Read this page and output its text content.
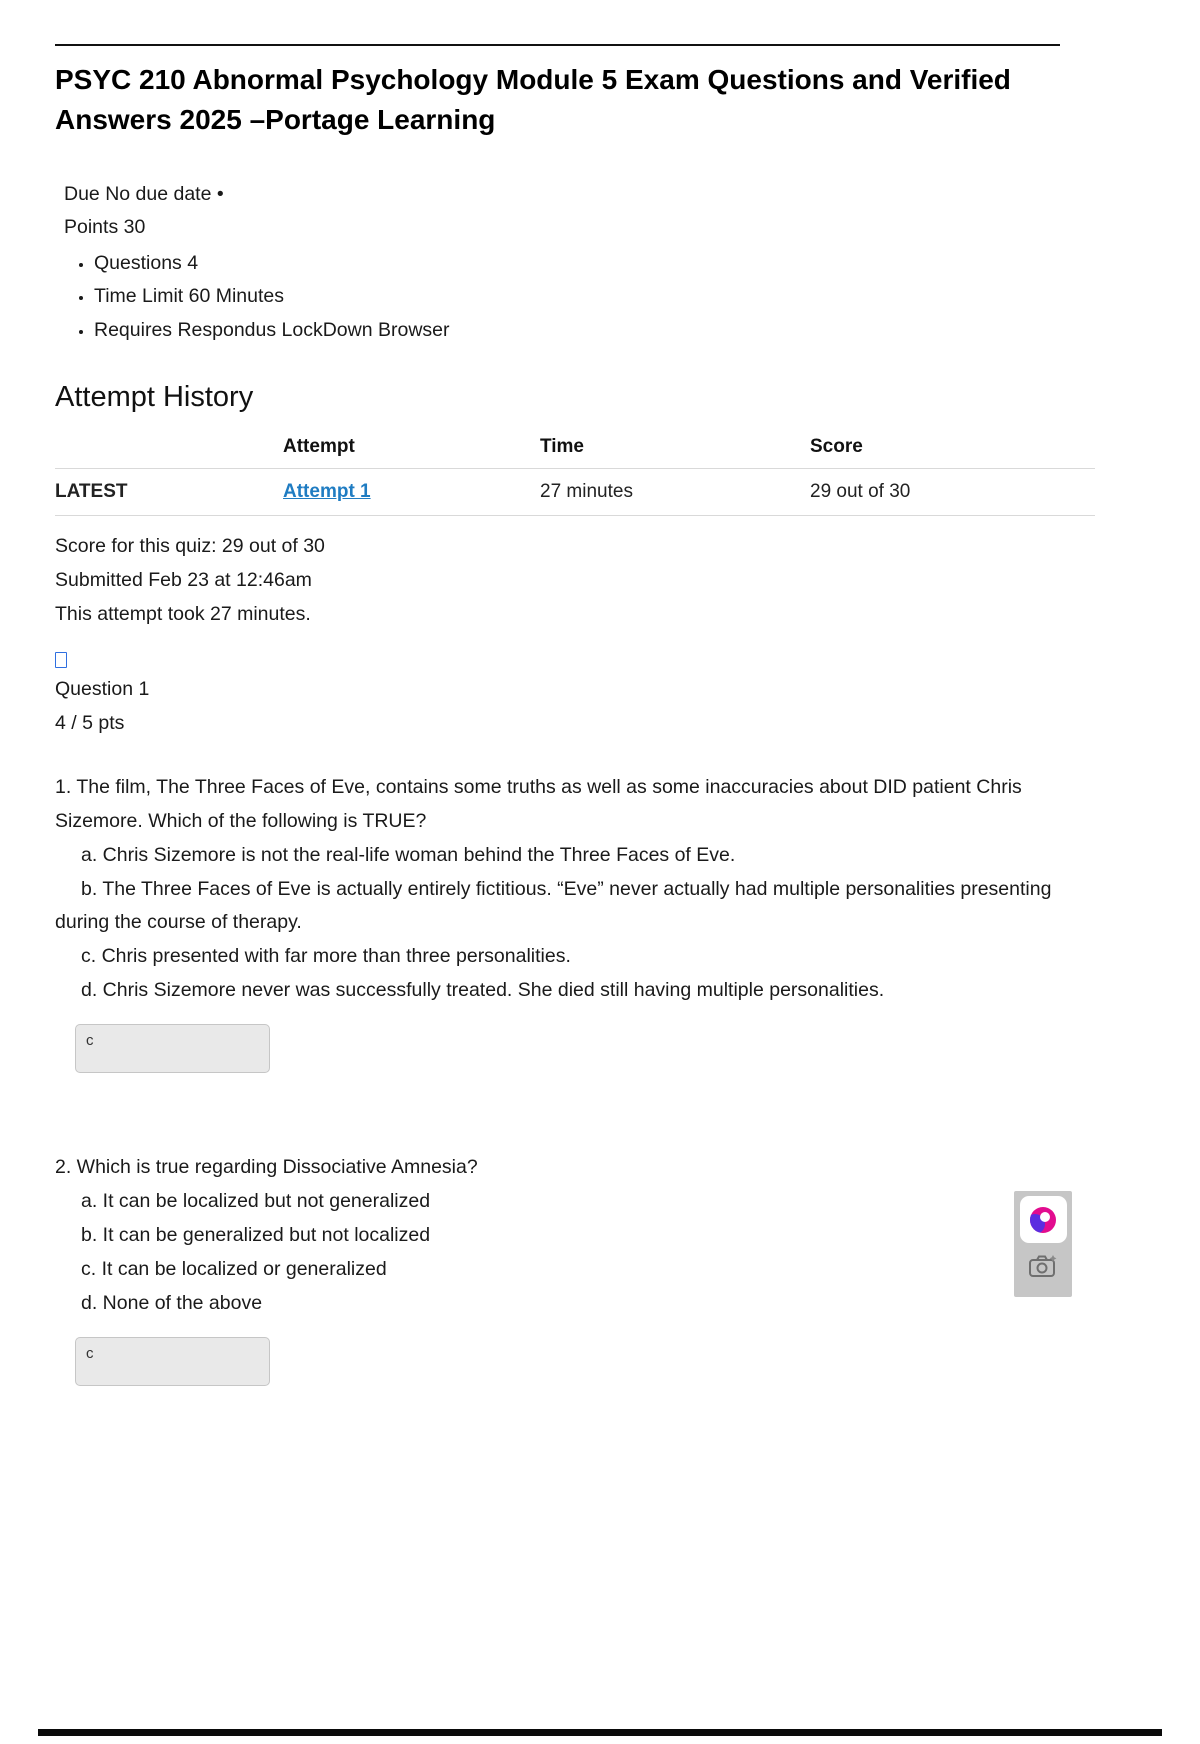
PSYC 210 Abnormal Psychology Module 5 Exam Questions and Verified Answers 2025 –Portage Learning

Due No due date •

Points 30

• Questions 4
• Time Limit 60 Minutes
• Requires Respondus LockDown Browser
Attempt History
	Attempt	Time	Score
LATEST	Attempt 1	27 minutes	29 out of 30

Score for this quiz: 29 out of 30

Submitted Feb 23 at 12:46am

This attempt took 27 minutes.

Question 1

4 / 5 pts

1. The film, The Three Faces of Eve, contains some truths as well as some inaccuracies about DID patient Chris Sizemore. Which of the following is TRUE?

a. Chris Sizemore is not the real-life woman behind the Three Faces of Eve.

b. The Three Faces of Eve is actually entirely fictitious. “Eve” never actually had multiple personalities presenting during the course of therapy.

c. Chris presented with far more than three personalities.

d. Chris Sizemore never was successfully treated. She died still having multiple personalities.

c

2. Which is true regarding Dissociative Amnesia?

a. It can be localized but not generalized

b. It can be generalized but not localized

c. It can be localized or generalized

d. None of the above

c
